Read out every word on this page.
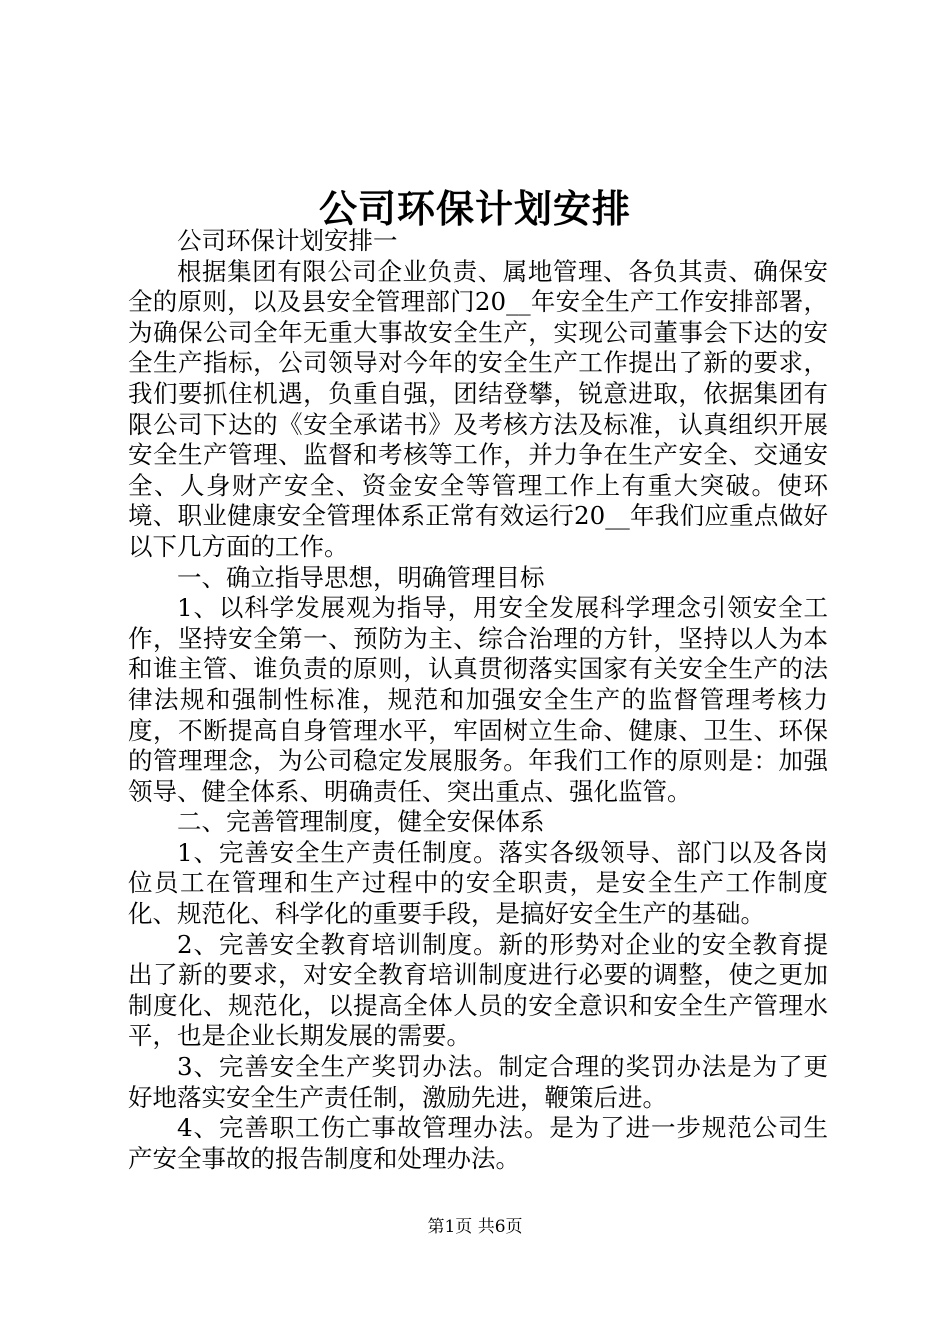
公司环保计划安排

公司环保计划安排一

根据集团有限公司企业负责、属地管理、各负其责、确保安全的原则，以及县安全管理部门20__年安全生产工作安排部署，为确保公司全年无重大事故安全生产，实现公司董事会下达的安全生产指标，公司领导对今年的安全生产工作提出了新的要求，我们要抓住机遇，负重自强，团结登攀，锐意进取，依据集团有限公司下达的《安全承诺书》及考核方法及标准，认真组织开展安全生产管理、监督和考核等工作，并力争在生产安全、交通安全、人身财产安全、资金安全等管理工作上有重大突破。使环境、职业健康安全管理体系正常有效运行20__年我们应重点做好以下几方面的工作。

一、确立指导思想，明确管理目标

1、以科学发展观为指导，用安全发展科学理念引领安全工作，坚持安全第一、预防为主、综合治理的方针，坚持以人为本和谁主管、谁负责的原则，认真贯彻落实国家有关安全生产的法律法规和强制性标准，规范和加强安全生产的监督管理考核力度，不断提高自身管理水平，牢固树立生命、健康、卫生、环保的管理理念，为公司稳定发展服务。年我们工作的原则是：加强领导、健全体系、明确责任、突出重点、强化监管。

二、完善管理制度，健全安保体系

1、完善安全生产责任制度。落实各级领导、部门以及各岗位员工在管理和生产过程中的安全职责，是安全生产工作制度化、规范化、科学化的重要手段，是搞好安全生产的基础。

2、完善安全教育培训制度。新的形势对企业的安全教育提出了新的要求，对安全教育培训制度进行必要的调整，使之更加制度化、规范化，以提高全体人员的安全意识和安全生产管理水平，也是企业长期发展的需要。

3、完善安全生产奖罚办法。制定合理的奖罚办法是为了更好地落实安全生产责任制，激励先进，鞭策后进。

4、完善职工伤亡事故管理办法。是为了进一步规范公司生产安全事故的报告制度和处理办法。

第1页 共6页
